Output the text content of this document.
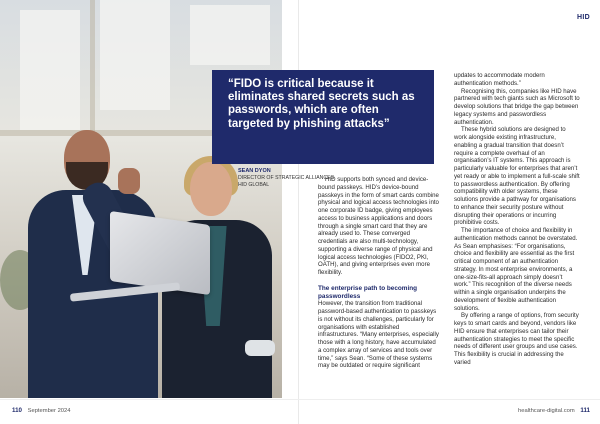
HID

“FIDO is critical because it eliminates shared secrets such as passwords, which are often targeted by phishing attacks”

SEAN DYON
DIRECTOR OF STRATEGIC ALLIANCES
HID GLOBAL

HID supports both synced and device-bound passkeys. HID’s device-bound passkeys in the form of smart cards combine physical and logical access technologies into one corporate ID badge, giving employees access to business applications and doors through a single smart card that they are already used to. These converged credentials are also multi-technology, supporting a diverse range of physical and logical access technologies (FIDO2, PKI, OATH), and giving enterprises even more flexibility.

The enterprise path to becoming passwordless

However, the transition from traditional password-based authentication to passkeys is not without its challenges, particularly for organisations with established infrastructures. “Many enterprises, especially those with a long history, have accumulated a complex array of services and tools over time,” says Sean. “Some of these systems may be outdated or require significant

updates to accommodate modern authentication methods.”

Recognising this, companies like HID have partnered with tech giants such as Microsoft to develop solutions that bridge the gap between legacy systems and passwordless authentication.

These hybrid solutions are designed to work alongside existing infrastructure, enabling a gradual transition that doesn’t require a complete overhaul of an organisation’s IT systems. This approach is particularly valuable for enterprises that aren’t yet ready or able to implement a full-scale shift to passwordless authentication. By offering compatibility with older systems, these solutions provide a pathway for organisations to enhance their security posture without disrupting their operations or incurring prohibitive costs.

The importance of choice and flexibility in authentication methods cannot be overstated. As Sean emphasises: “For organisations, choice and flexibility are essential as the first critical component of an authentication strategy. In most enterprise environments, a one-size-fits-all approach simply doesn’t work.” This recognition of the diverse needs within a single organisation underpins the development of flexible authentication solutions.

By offering a range of options, from security keys to smart cards and beyond, vendors like HID ensure that enterprises can tailor their authentication strategies to meet the specific needs of different user groups and use cases. This flexibility is crucial in addressing the varied

110 September 2024	healthcare-digital.com 111
